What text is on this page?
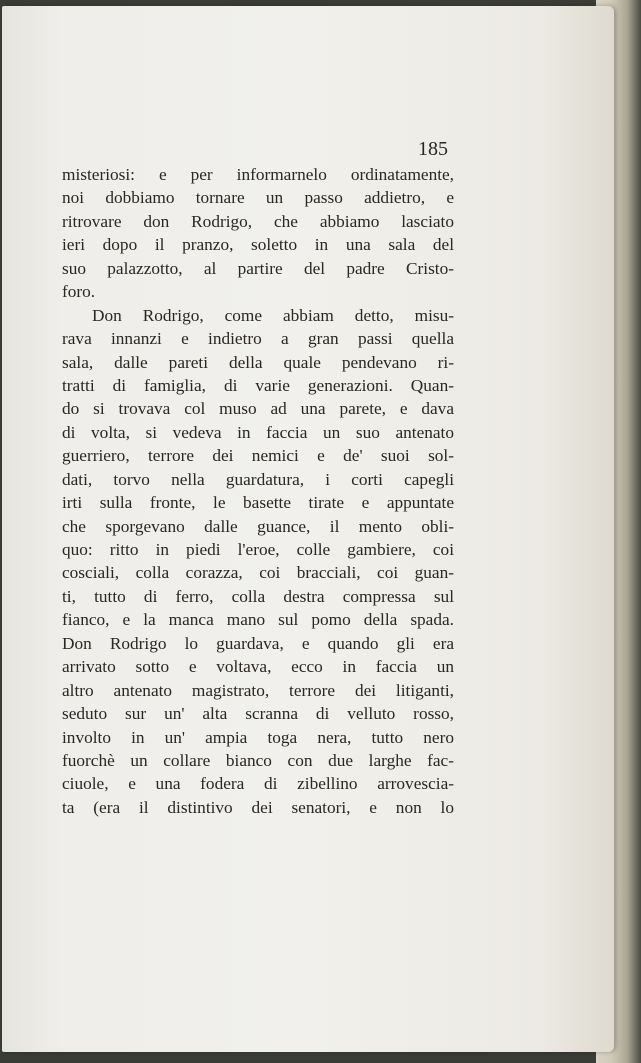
185
misteriosi: e per informarnelo ordinatamente,
noi dobbiamo tornare un passo addietro, e
ritrovare don Rodrigo, che abbiamo lasciato
ieri dopo il pranzo, soletto in una sala del
suo palazzotto, al partire del padre Cristo-
foro.
Don Rodrigo, come abbiam detto, misu-
rava innanzi e indietro a gran passi quella
sala, dalle pareti della quale pendevano ri-
tratti di famiglia, di varie generazioni. Quan-
do si trovava col muso ad una parete, e dava
di volta, si vedeva in faccia un suo antenato
guerriero, terrore dei nemici e de' suoi sol-
dati, torvo nella guardatura, i corti capegli
irti sulla fronte, le basette tirate e appuntate
che sporgevano dalle guance, il mento obli-
quo: ritto in piedi l'eroe, colle gambiere, coi
cosciali, colla corazza, coi bracciali, coi guan-
ti, tutto di ferro, colla destra compressa sul
fianco, e la manca mano sul pomo della spada.
Don Rodrigo lo guardava, e quando gli era
arrivato sotto e voltava, ecco in faccia un
altro antenato magistrato, terrore dei litiganti,
seduto sur un' alta scranna di velluto rosso,
involto in un' ampia toga nera, tutto nero
fuorchè un collare bianco con due larghe fac-
ciuole, e una fodera di zibellino arrovescia-
ta (era il distintivo dei senatori, e non lo
